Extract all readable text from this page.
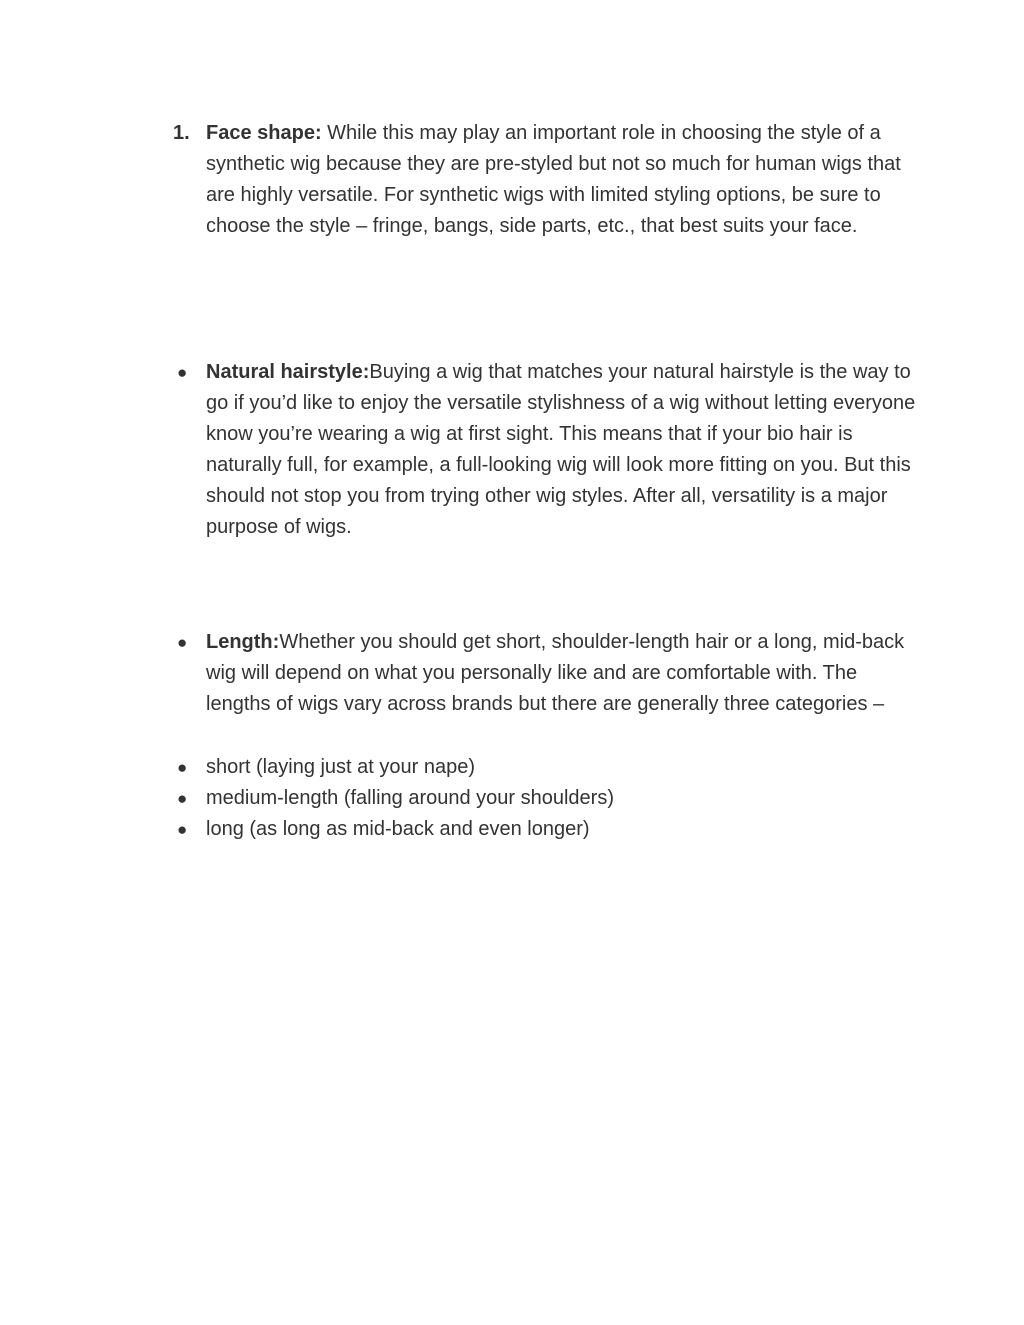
1. Face shape: While this may play an important role in choosing the style of a synthetic wig because they are pre-styled but not so much for human wigs that are highly versatile. For synthetic wigs with limited styling options, be sure to choose the style – fringe, bangs, side parts, etc., that best suits your face.
● Natural hairstyle:Buying a wig that matches your natural hairstyle is the way to go if you’d like to enjoy the versatile stylishness of a wig without letting everyone know you’re wearing a wig at first sight. This means that if your bio hair is naturally full, for example, a full-looking wig will look more fitting on you. But this should not stop you from trying other wig styles. After all, versatility is a major purpose of wigs.
● Length:Whether you should get short, shoulder-length hair or a long, mid-back wig will depend on what you personally like and are comfortable with. The lengths of wigs vary across brands but there are generally three categories –
● short (laying just at your nape)
● medium-length (falling around your shoulders)
● long (as long as mid-back and even longer)
